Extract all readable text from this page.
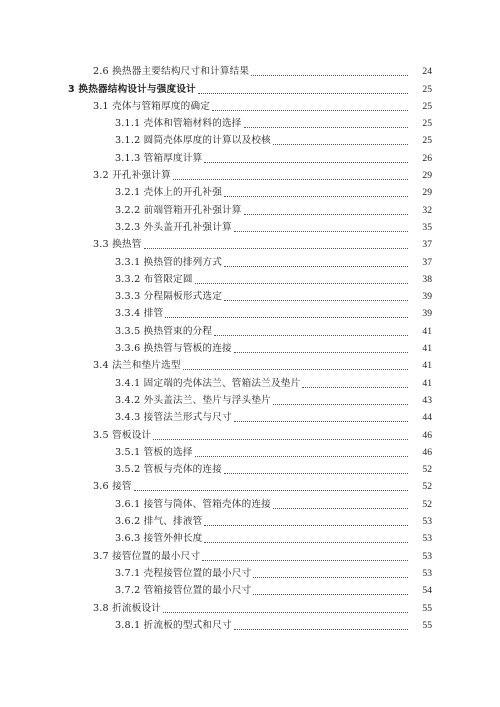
2.6 换热器主要结构尺寸和计算结果	24
3 换热器结构设计与强度设计	25
3.1 壳体与管箱厚度的确定	25
3.1.1 壳体和管箱材料的选择	25
3.1.2 圆筒壳体厚度的计算以及校核	25
3.1.3 管箱厚度计算	26
3.2 开孔补强计算	29
3.2.1 壳体上的开孔补强	29
3.2.2 前端管箱开孔补强计算	32
3.2.3 外头盖开孔补强计算	35
3.3 换热管	37
3.3.1 换热管的排列方式	37
3.3.2 布管限定圆	38
3.3.3 分程隔板形式选定	39
3.3.4 排管	39
3.3.5 换热管束的分程	41
3.3.6 换热管与管板的连接	41
3.4 法兰和垫片选型	41
3.4.1 固定端的壳体法兰、管箱法兰及垫片	41
3.4.2 外头盖法兰、垫片与浮头垫片	43
3.4.3 接管法兰形式与尺寸	44
3.5 管板设计	46
3.5.1 管板的选择	46
3.5.2 管板与壳体的连接	52
3.6 接管	52
3.6.1 接管与筒体、管箱壳体的连接	52
3.6.2 排气、排液管	53
3.6.3 接管外伸长度	53
3.7 接管位置的最小尺寸	53
3.7.1 壳程接管位置的最小尺寸	53
3.7.2 管箱接管位置的最小尺寸	54
3.8 折流板设计	55
3.8.1 折流板的型式和尺寸	55
